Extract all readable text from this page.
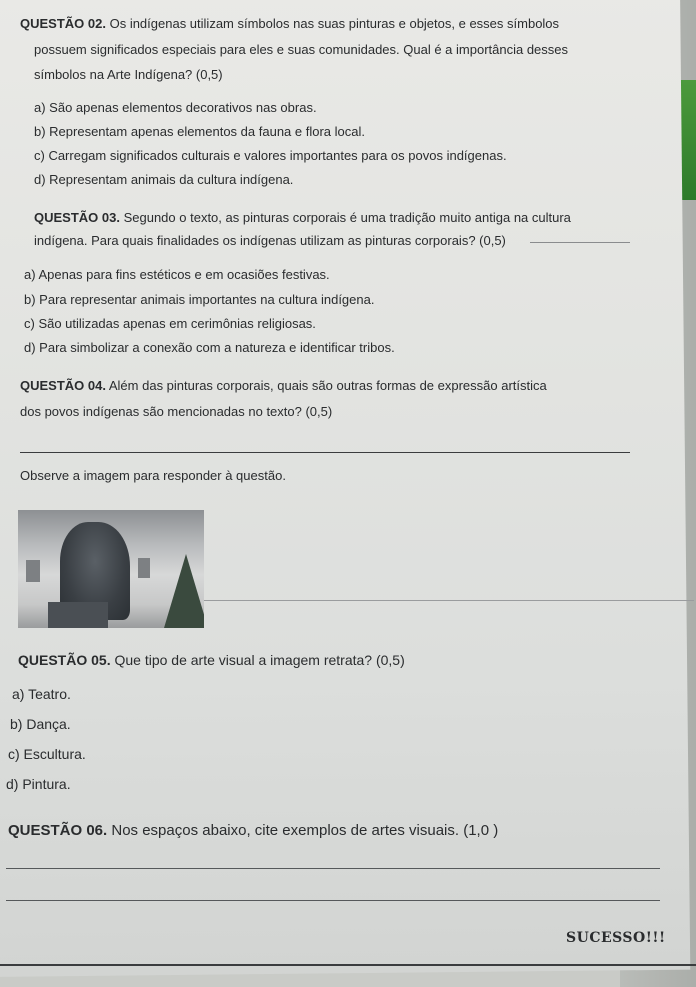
QUESTÃO 02. Os indígenas utilizam símbolos nas suas pinturas e objetos, e esses símbolos
possuem significados especiais para eles e suas comunidades. Qual é a importância desses
símbolos na Arte Indígena? (0,5)
a) São apenas elementos decorativos nas obras.
b) Representam apenas elementos da fauna e flora local.
c) Carregam significados culturais e valores importantes para os povos indígenas.
d) Representam animais da cultura indígena.
QUESTÃO 03. Segundo o texto, as pinturas corporais é uma tradição muito antiga na cultura
indígena. Para quais finalidades os indígenas utilizam as pinturas corporais? (0,5)
a) Apenas para fins estéticos e em ocasiões festivas.
b) Para representar animais importantes na cultura indígena.
c) São utilizadas apenas em cerimônias religiosas.
d) Para simbolizar a conexão com a natureza e identificar tribos.
QUESTÃO 04. Além das pinturas corporais, quais são outras formas de expressão artística
dos povos indígenas são mencionadas no texto? (0,5)
Observe a imagem para responder à questão.
QUESTÃO 05. Que tipo de arte visual a imagem retrata? (0,5)
a) Teatro.
b) Dança.
c) Escultura.
d) Pintura.
QUESTÃO 06. Nos espaços abaixo, cite exemplos de artes visuais. (1,0 )
SUCESSO!!!
